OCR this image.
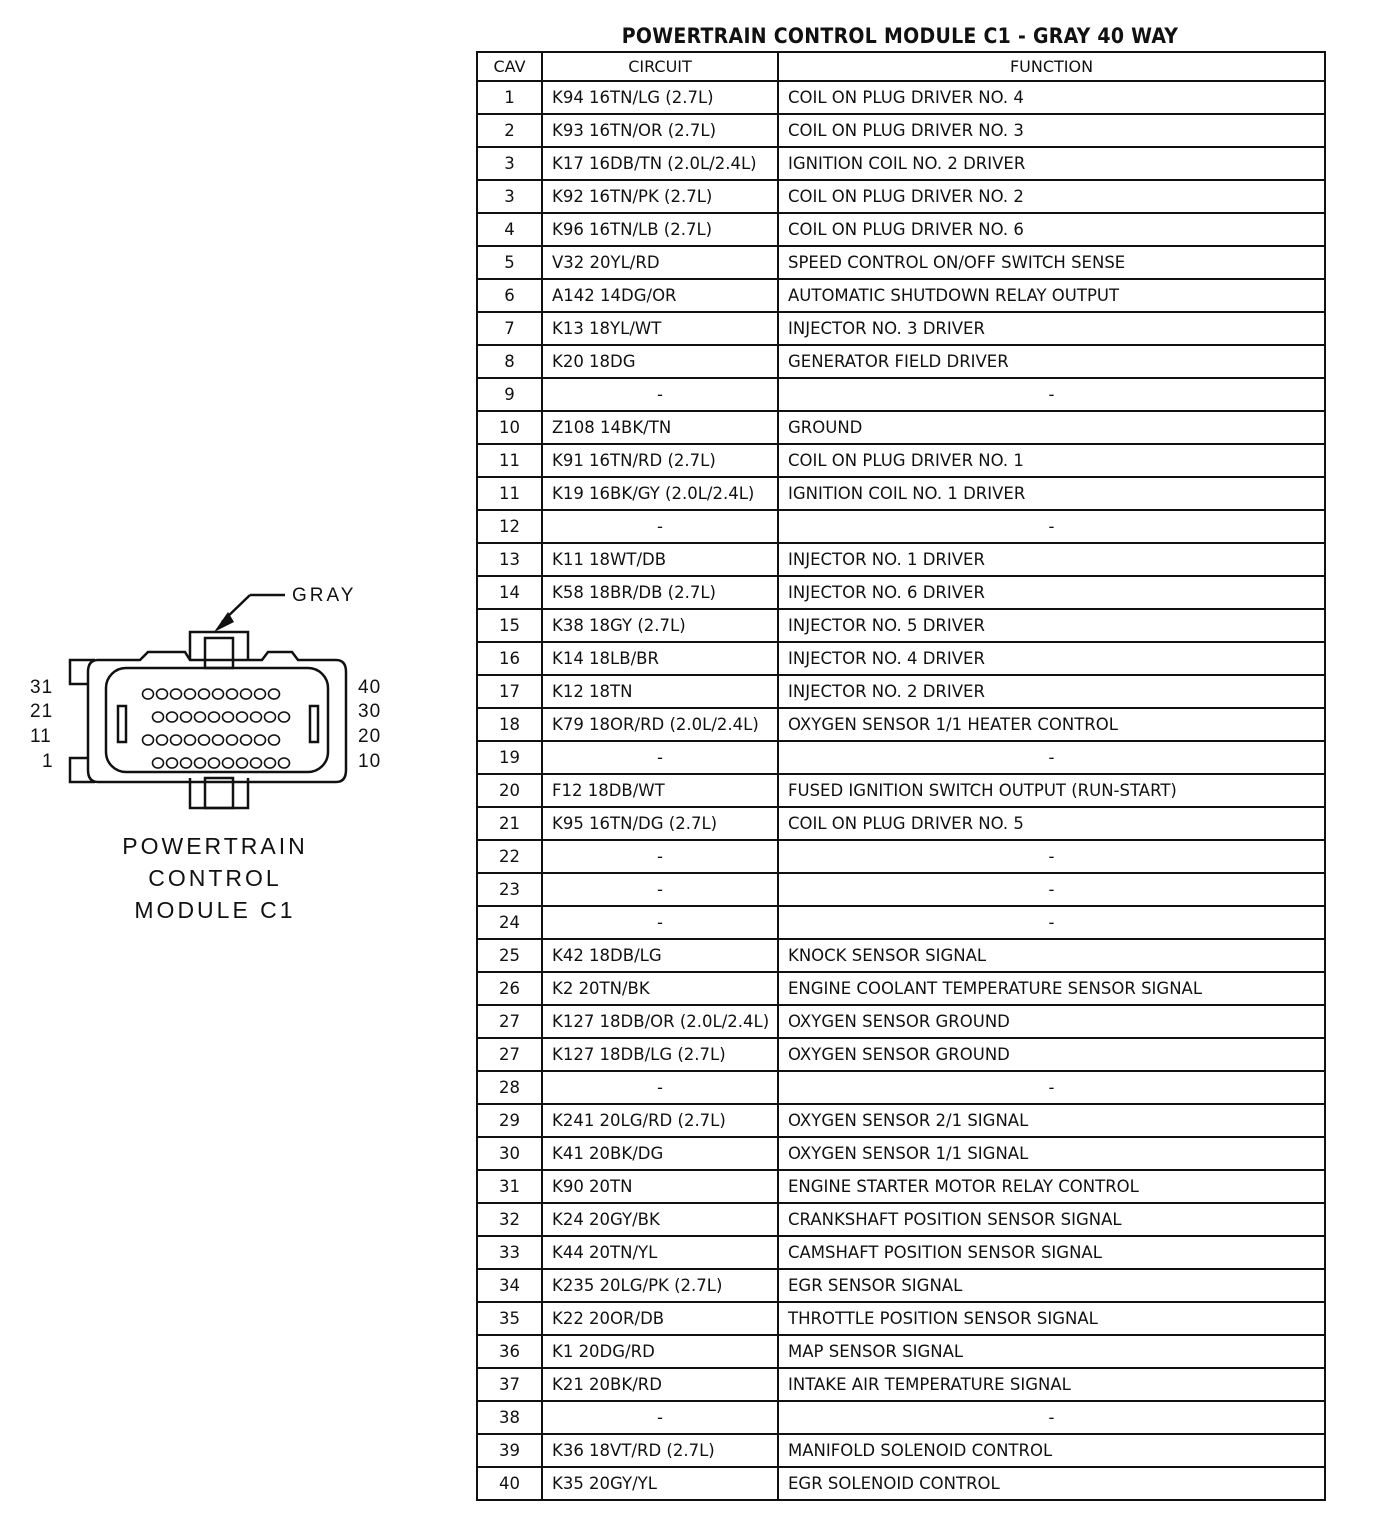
GRAY
31
21
11
1
40
30
20
10
POWERTRAIN
CONTROL
MODULE C1
POWERTRAIN CONTROL MODULE C1 - GRAY 40 WAY
CAV	CIRCUIT	FUNCTION
1	K94 16TN/LG (2.7L)	COIL ON PLUG DRIVER NO. 4
2	K93 16TN/OR (2.7L)	COIL ON PLUG DRIVER NO. 3
3	K17 16DB/TN (2.0L/2.4L)	IGNITION COIL NO. 2 DRIVER
3	K92 16TN/PK (2.7L)	COIL ON PLUG DRIVER NO. 2
4	K96 16TN/LB (2.7L)	COIL ON PLUG DRIVER NO. 6
5	V32 20YL/RD	SPEED CONTROL ON/OFF SWITCH SENSE
6	A142 14DG/OR	AUTOMATIC SHUTDOWN RELAY OUTPUT
7	K13 18YL/WT	INJECTOR NO. 3 DRIVER
8	K20 18DG	GENERATOR FIELD DRIVER
9	-	-
10	Z108 14BK/TN	GROUND
11	K91 16TN/RD (2.7L)	COIL ON PLUG DRIVER NO. 1
11	K19 16BK/GY (2.0L/2.4L)	IGNITION COIL NO. 1 DRIVER
12	-	-
13	K11 18WT/DB	INJECTOR NO. 1 DRIVER
14	K58 18BR/DB (2.7L)	INJECTOR NO. 6 DRIVER
15	K38 18GY (2.7L)	INJECTOR NO. 5 DRIVER
16	K14 18LB/BR	INJECTOR NO. 4 DRIVER
17	K12 18TN	INJECTOR NO. 2 DRIVER
18	K79 18OR/RD (2.0L/2.4L)	OXYGEN SENSOR 1/1 HEATER CONTROL
19	-	-
20	F12 18DB/WT	FUSED IGNITION SWITCH OUTPUT (RUN-START)
21	K95 16TN/DG (2.7L)	COIL ON PLUG DRIVER NO. 5
22	-	-
23	-	-
24	-	-
25	K42 18DB/LG	KNOCK SENSOR SIGNAL
26	K2 20TN/BK	ENGINE COOLANT TEMPERATURE SENSOR SIGNAL
27	K127 18DB/OR (2.0L/2.4L)	OXYGEN SENSOR GROUND
27	K127 18DB/LG (2.7L)	OXYGEN SENSOR GROUND
28	-	-
29	K241 20LG/RD (2.7L)	OXYGEN SENSOR 2/1 SIGNAL
30	K41 20BK/DG	OXYGEN SENSOR 1/1 SIGNAL
31	K90 20TN	ENGINE STARTER MOTOR RELAY CONTROL
32	K24 20GY/BK	CRANKSHAFT POSITION SENSOR SIGNAL
33	K44 20TN/YL	CAMSHAFT POSITION SENSOR SIGNAL
34	K235 20LG/PK (2.7L)	EGR SENSOR SIGNAL
35	K22 20OR/DB	THROTTLE POSITION SENSOR SIGNAL
36	K1 20DG/RD	MAP SENSOR SIGNAL
37	K21 20BK/RD	INTAKE AIR TEMPERATURE SIGNAL
38	-	-
39	K36 18VT/RD (2.7L)	MANIFOLD SOLENOID CONTROL
40	K35 20GY/YL	EGR SOLENOID CONTROL
